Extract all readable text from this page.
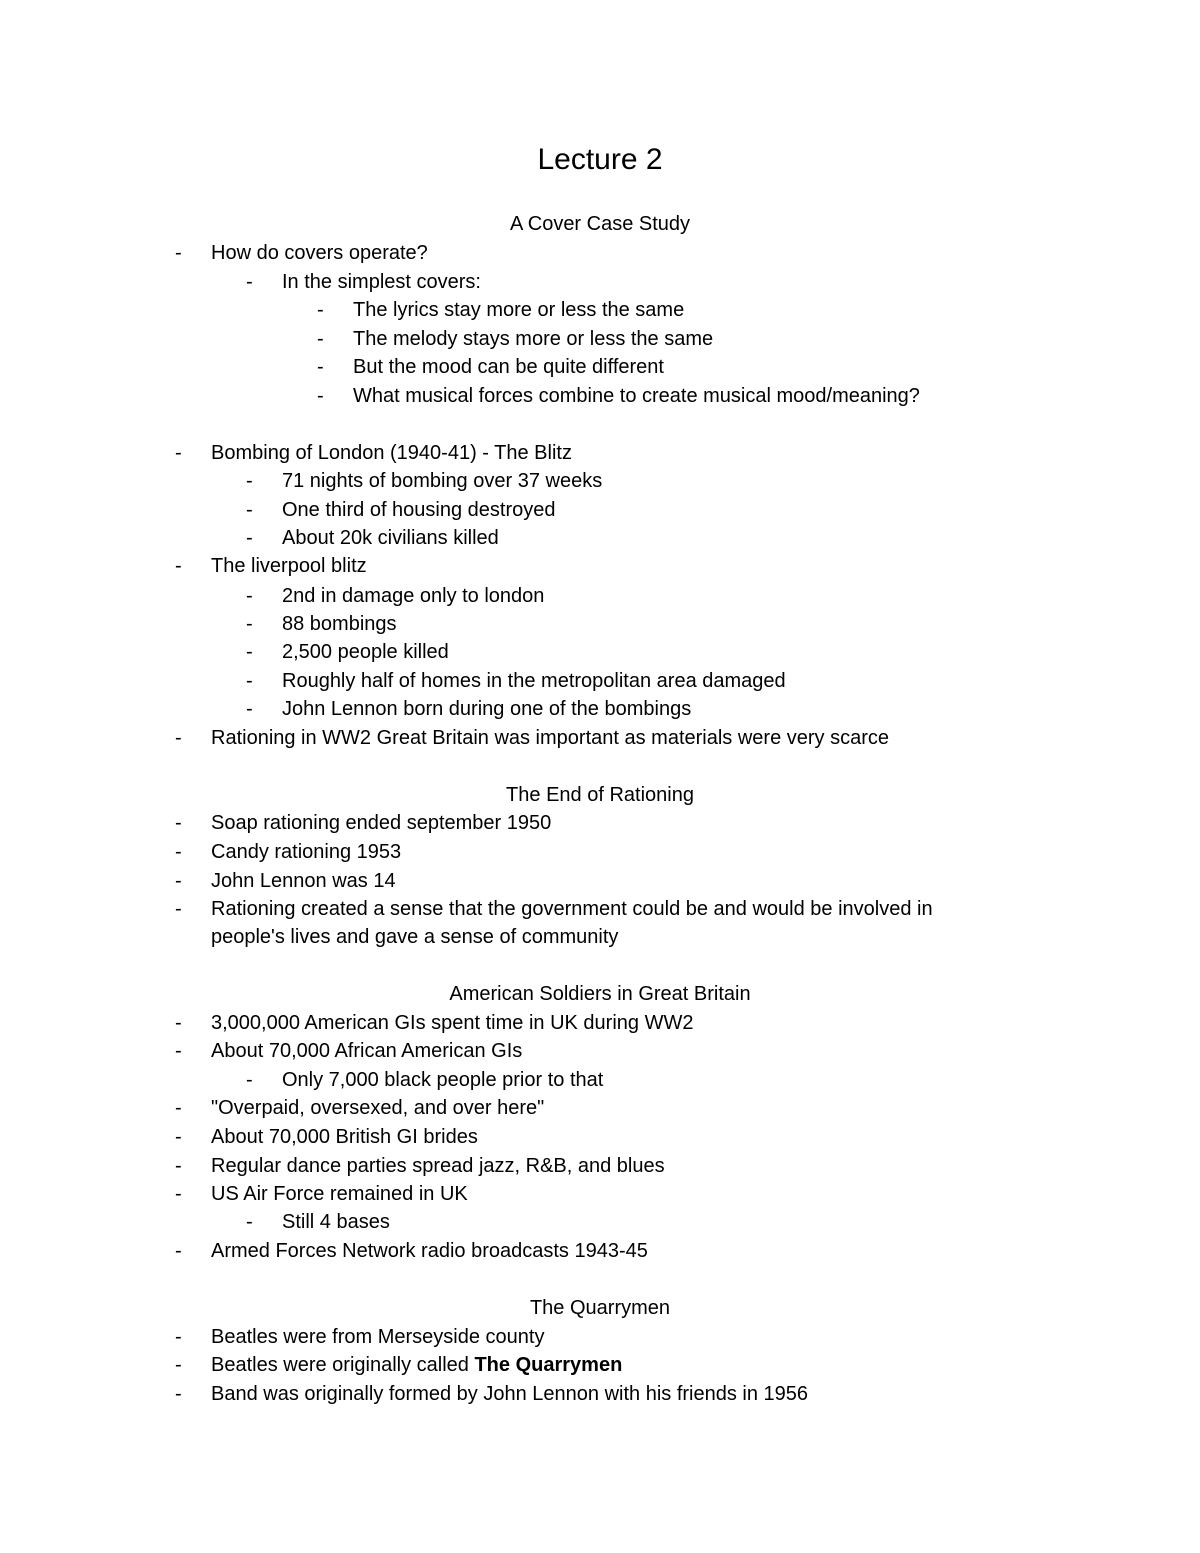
Lecture 2
A Cover Case Study
- How do covers operate?
- In the simplest covers:
- The lyrics stay more or less the same
- The melody stays more or less the same
- But the mood can be quite different
- What musical forces combine to create musical mood/meaning?
- Bombing of London (1940-41) - The Blitz
- 71 nights of bombing over 37 weeks
- One third of housing destroyed
- About 20k civilians killed
- The liverpool blitz
- 2nd in damage only to london
- 88 bombings
- 2,500 people killed
- Roughly half of homes in the metropolitan area damaged
- John Lennon born during one of the bombings
- Rationing in WW2 Great Britain was important as materials were very scarce
The End of Rationing
- Soap rationing ended september 1950
- Candy rationing 1953
- John Lennon was 14
- Rationing created a sense that the government could be and would be involved in people's lives and gave a sense of community
American Soldiers in Great Britain
- 3,000,000 American GIs spent time in UK during WW2
- About 70,000 African American GIs
- Only 7,000 black people prior to that
- "Overpaid, oversexed, and over here"
- About 70,000 British GI brides
- Regular dance parties spread jazz, R&B, and blues
- US Air Force remained in UK
- Still 4 bases
- Armed Forces Network radio broadcasts 1943-45
The Quarrymen
- Beatles were from Merseyside county
- Beatles were originally called The Quarrymen
- Band was originally formed by John Lennon with his friends in 1956
